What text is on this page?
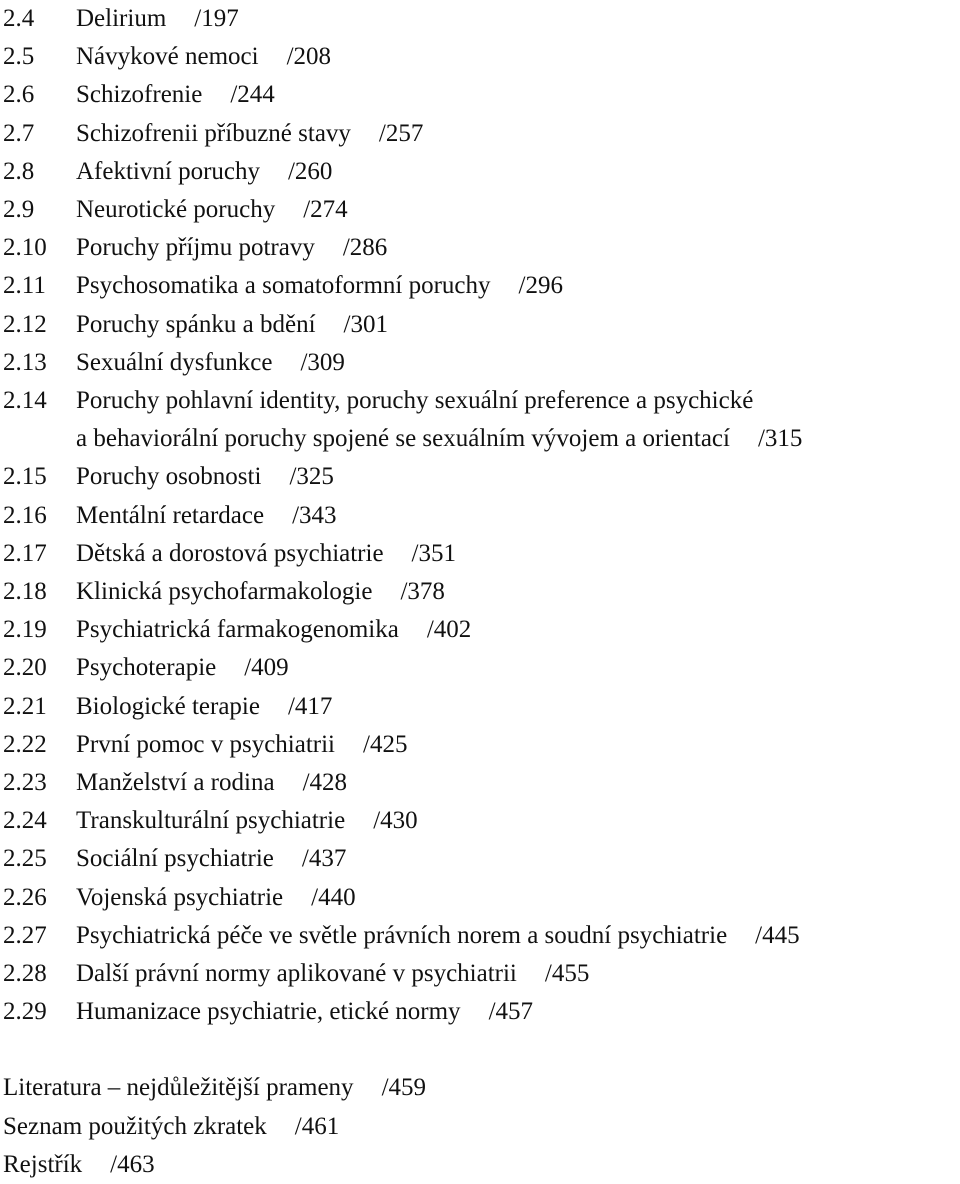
2.4	Delirium /197
2.5	Návykové nemoci /208
2.6	Schizofrenie /244
2.7	Schizofrenii příbuzné stavy /257
2.8	Afektivní poruchy /260
2.9	Neurotické poruchy /274
2.10	Poruchy příjmu potravy /286
2.11	Psychosomatika a somatoformní poruchy /296
2.12	Poruchy spánku a bdění /301
2.13	Sexuální dysfunkce /309
2.14	Poruchy pohlavní identity, poruchy sexuální preference a psychické
a behaviorální poruchy spojené se sexuálním vývojem a orientací /315
2.15	Poruchy osobnosti /325
2.16	Mentální retardace /343
2.17	Dětská a dorostová psychiatrie /351
2.18	Klinická psychofarmakologie /378
2.19	Psychiatrická farmakogenomika /402
2.20	Psychoterapie /409
2.21	Biologické terapie /417
2.22	První pomoc v psychiatrii /425
2.23	Manželství a rodina /428
2.24	Transkulturální psychiatrie /430
2.25	Sociální psychiatrie /437
2.26	Vojenská psychiatrie /440
2.27	Psychiatrická péče ve světle právních norem a soudní psychiatrie /445
2.28	Další právní normy aplikované v psychiatrii /455
2.29	Humanizace psychiatrie, etické normy /457
Literatura – nejdůležitější prameny /459
Seznam použitých zkratek /461
Rejstřík /463
